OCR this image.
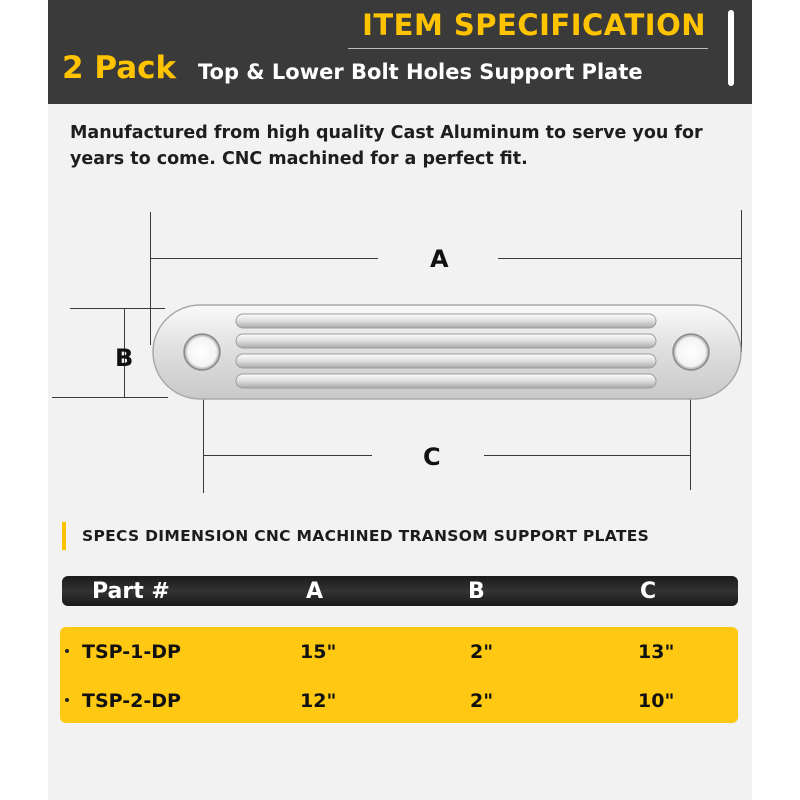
ITEM SPECIFICATION
2 Pack Top & Lower Bolt Holes Support Plate

Manufactured from high quality Cast Aluminum to serve you for years to come. CNC machined for a perfect fit.

A
B
C
SPECS DIMENSION CNC MACHINED TRANSOM SUPPORT PLATES
Part #	A	B	C
TSP-1-DP	15"	2"	13"
TSP-2-DP	12"	2"	10"
